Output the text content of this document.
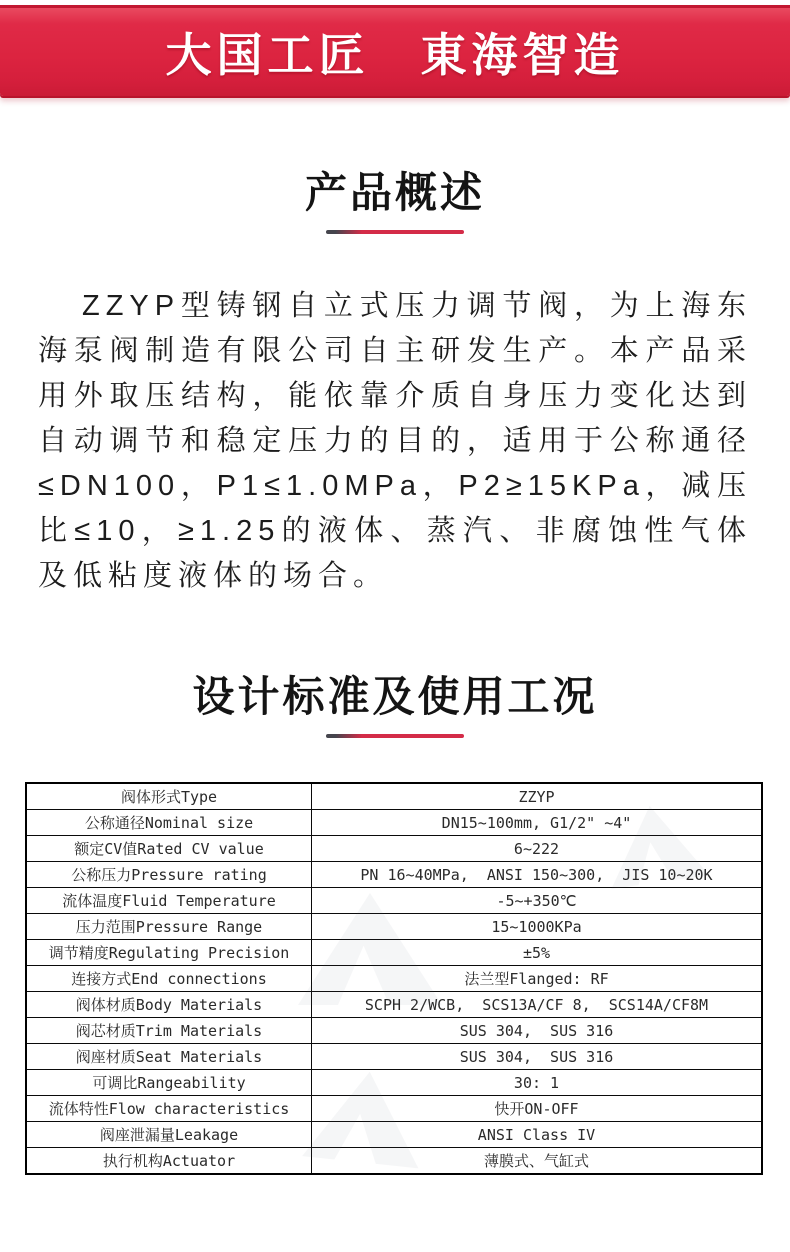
大国工匠　東海智造
产品概述

ZZYP型铸钢自立式压力调节阀，为上海东海泵阀制造有限公司自主研发生产。本产品采用外取压结构，能依靠介质自身压力变化达到自动调节和稳定压力的目的，适用于公称通径≤DN100，P1≤1.0MPa，P2≥15KPa，减压比≤10，≥1.25的液体、蒸汽、非腐蚀性气体及低粘度液体的场合。

设计标准及使用工况
阀体形式Type	ZZYP
公称通径Nominal size	DN15~100mm, G1/2" ~4"
额定CV值Rated CV value	6~222
公称压力Pressure rating	PN 16~40MPa,  ANSI 150~300,  JIS 10~20K
流体温度Fluid Temperature	-5~+350℃
压力范围Pressure Range	15~1000KPa
调节精度Regulating Precision	±5%
连接方式End connections	法兰型Flanged: RF
阀体材质Body Materials	SCPH 2/WCB,  SCS13A/CF 8,  SCS14A/CF8M
阀芯材质Trim Materials	SUS 304,  SUS 316
阀座材质Seat Materials	SUS 304,  SUS 316
可调比Rangeability	30: 1
流体特性Flow characteristics	快开ON-OFF
阀座泄漏量Leakage	ANSI Class IV
执行机构Actuator	薄膜式、气缸式
